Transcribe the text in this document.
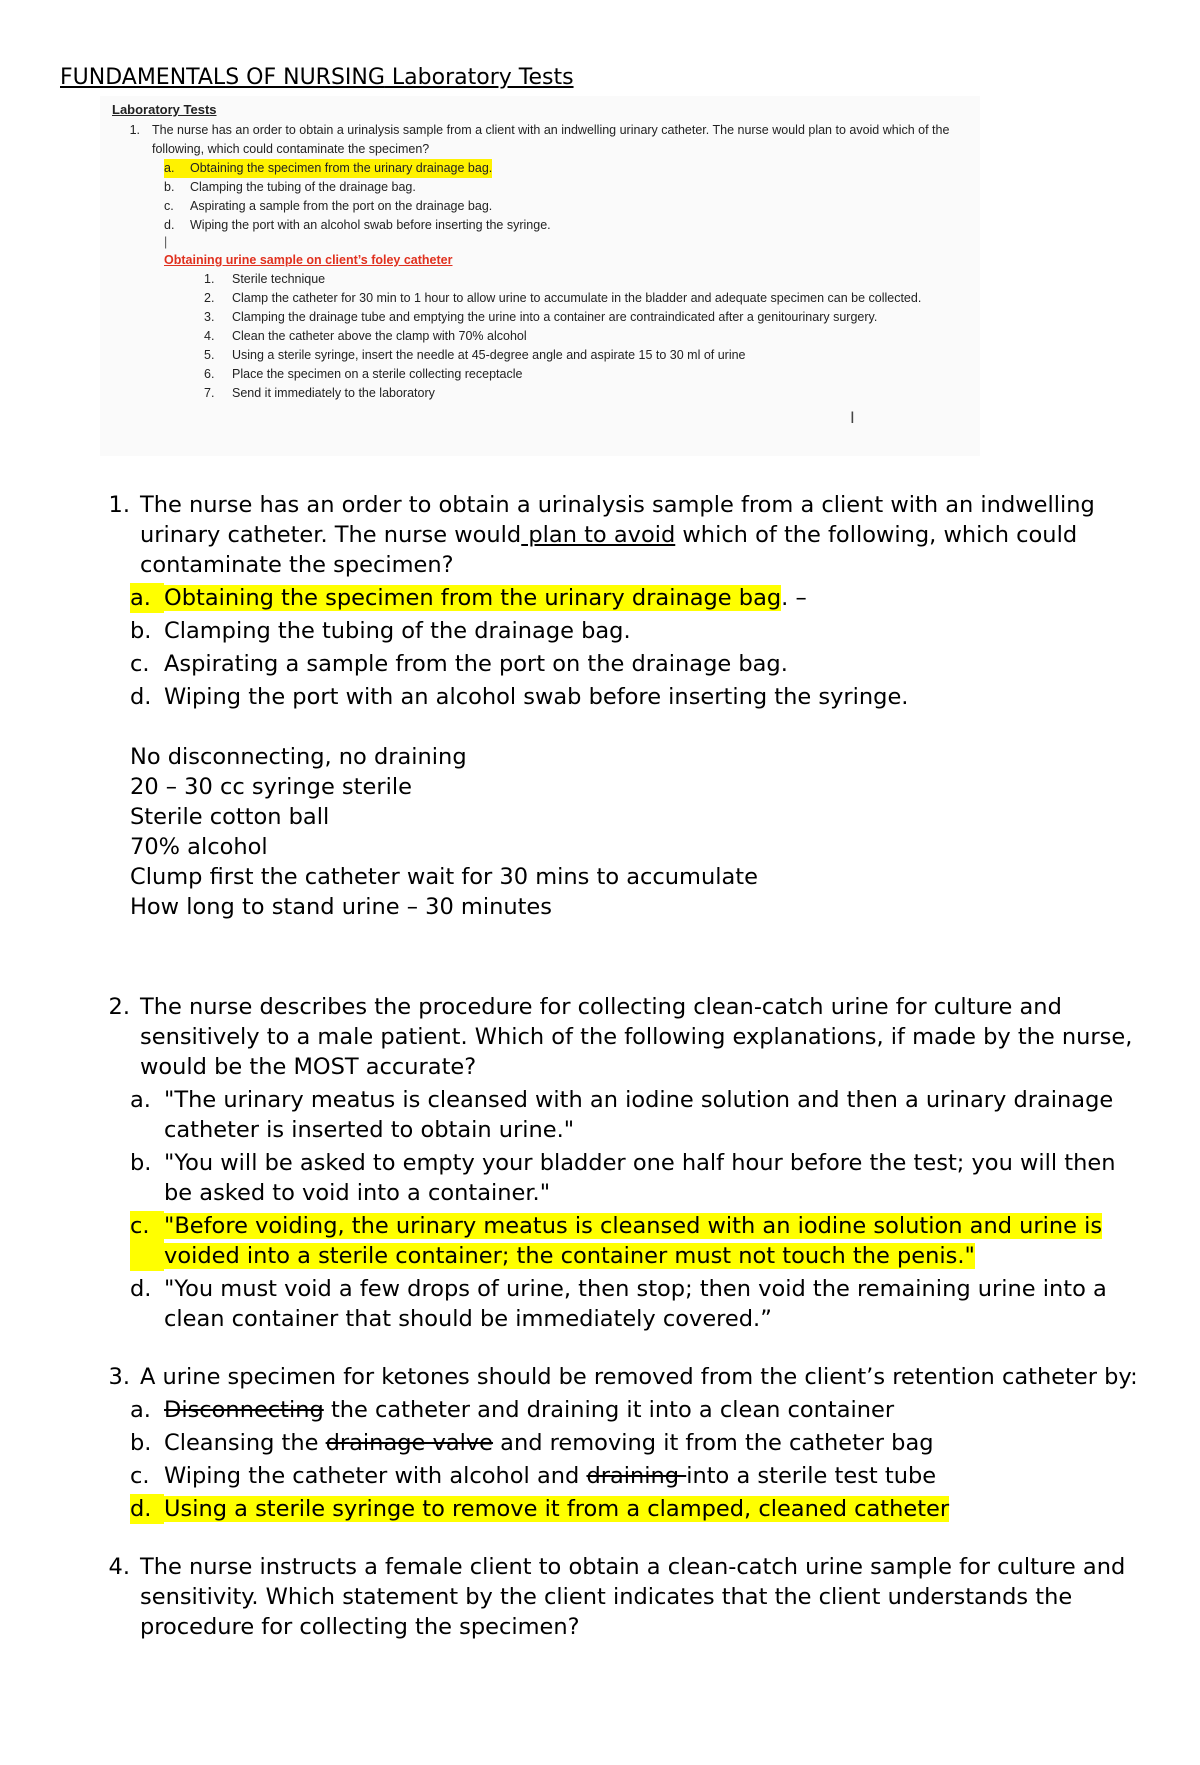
FUNDAMENTALS OF NURSING Laboratory Tests
Laboratory Tests
1. The nurse has an order to obtain a urinalysis sample from a client with an indwelling urinary catheter. The nurse would plan to avoid which of the following, which could contaminate the specimen?
a.	Obtaining the specimen from the urinary drainage bag.
b.	Clamping the tubing of the drainage bag.
c.	Aspirating a sample from the port on the drainage bag.
d.	Wiping the port with an alcohol swab before inserting the syringe.
|
Obtaining urine sample on client’s foley catheter
1.	Sterile technique
2.	Clamp the catheter for 30 min to 1 hour to allow urine to accumulate in the bladder and adequate specimen can be collected.
3.	Clamping the drainage tube and emptying the urine into a container are contraindicated after a genitourinary surgery.
4.	Clean the catheter above the clamp with 70% alcohol
5.	Using a sterile syringe, insert the needle at 45-degree angle and aspirate 15 to 30 ml of urine
6.	Place the specimen on a sterile collecting receptacle
7.	Send it immediately to the laboratory
I
1. The nurse has an order to obtain a urinalysis sample from a client with an indwelling urinary catheter. The nurse would plan to avoid which of the following, which could contaminate the specimen?
a. Obtaining the specimen from the urinary drainage bag. –
b. Clamping the tubing of the drainage bag.
c. Aspirating a sample from the port on the drainage bag.
d. Wiping the port with an alcohol swab before inserting the syringe.
No disconnecting, no draining
20 – 30 cc syringe sterile
Sterile cotton ball
70% alcohol
Clump first the catheter wait for 30 mins to accumulate
How long to stand urine – 30 minutes
2. The nurse describes the procedure for collecting clean-catch urine for culture and sensitively to a male patient. Which of the following explanations, if made by the nurse, would be the MOST accurate?
a. "The urinary meatus is cleansed with an iodine solution and then a urinary drainage catheter is inserted to obtain urine."
b. "You will be asked to empty your bladder one half hour before the test; you will then be asked to void into a container."
c. "Before voiding, the urinary meatus is cleansed with an iodine solution and urine is voided into a sterile container; the container must not touch the penis."
d. "You must void a few drops of urine, then stop; then void the remaining urine into a clean container that should be immediately covered.”
3. A urine specimen for ketones should be removed from the client’s retention catheter by:
a. Disconnecting the catheter and draining it into a clean container
b. Cleansing the drainage valve and removing it from the catheter bag
c. Wiping the catheter with alcohol and draining into a sterile test tube
d. Using a sterile syringe to remove it from a clamped, cleaned catheter
4. The nurse instructs a female client to obtain a clean-catch urine sample for culture and sensitivity. Which statement by the client indicates that the client understands the procedure for collecting the specimen?
